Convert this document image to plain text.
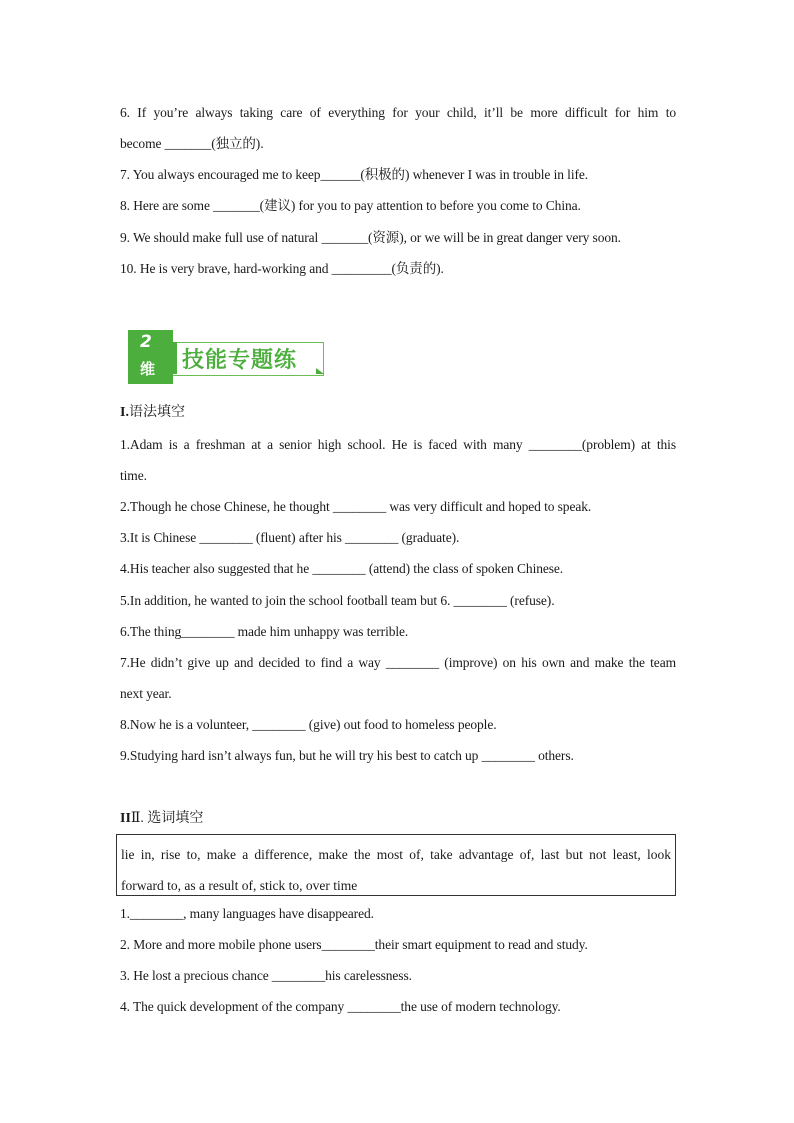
6. If you’re always taking care of everything for your child, it’ll be more difficult for him to
become _______(独立的).
7. You always encouraged me to keep______(积极的) whenever I was in trouble in life.
8. Here are some _______(建议) for you to pay attention to before you come to China.
9. We should make full use of natural _______(资源), or we will be in great danger very soon.
10. He is very brave, hard-working and _________(负责的).
2
维 技能专题练
I.语法填空
1.Adam is a freshman at a senior high school. He is faced with many ________(problem) at this
time.
2.Though he chose Chinese, he thought ________ was very difficult and hoped to speak.
3.It is Chinese ________ (fluent) after his ________ (graduate).
4.His teacher also suggested that he ________ (attend) the class of spoken Chinese.
5.In addition, he wanted to join the school football team but 6. ________ (refuse).
6.The thing________ made him unhappy was terrible.
7.He didn’t give up and decided to find a way ________ (improve) on his own and make the team
next year.
8.Now he is a volunteer, ________ (give) out food to homeless people.
9.Studying hard isn’t always fun, but he will try his best to catch up ________ others.
IIⅡ. 选词填空
lie in, rise to, make a difference, make the most of, take advantage of, last but not least, look
forward to, as a result of, stick to, over time
1.________, many languages have disappeared.
2. More and more mobile phone users________their smart equipment to read and study.
3. He lost a precious chance ________his carelessness.
4. The quick development of the company ________the use of modern technology.
